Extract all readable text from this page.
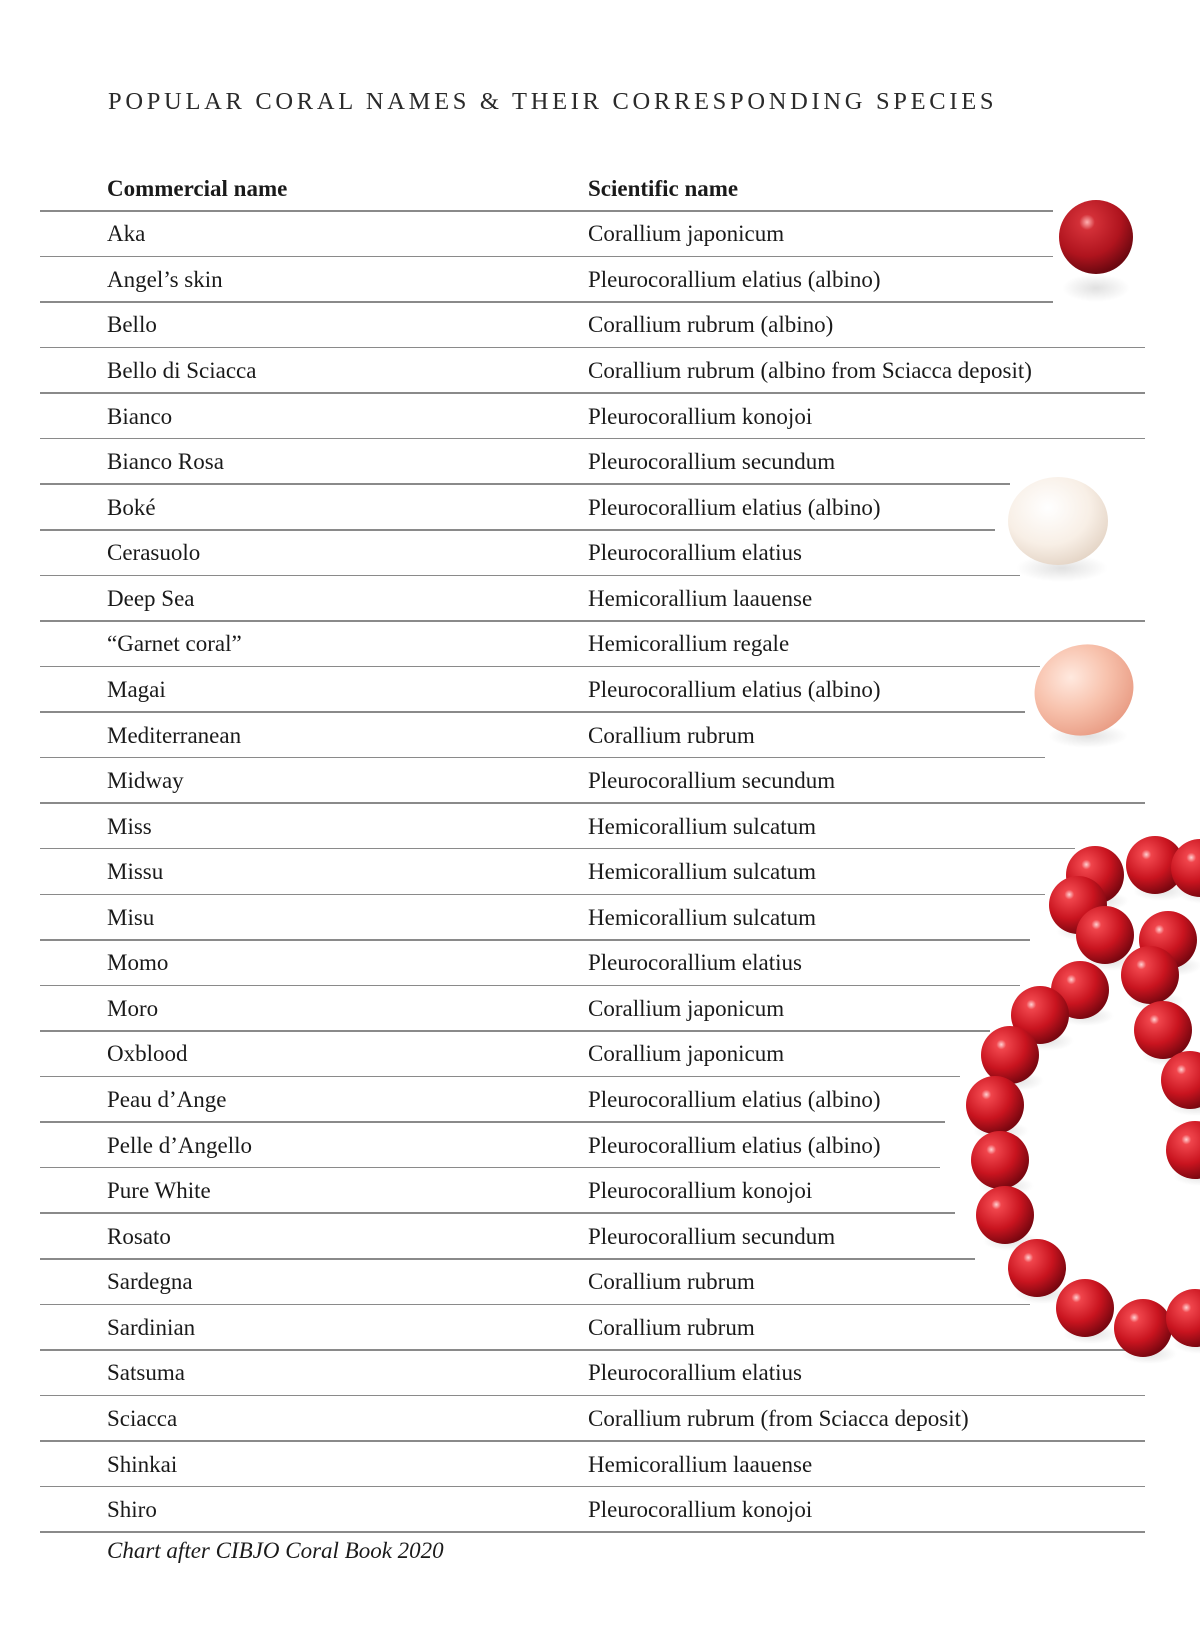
POPULAR CORAL NAMES & THEIR CORRESPONDING SPECIES
Commercial name	Scientific name
Aka	Corallium japonicum
Angel’s skin	Pleurocorallium elatius (albino)
Bello	Corallium rubrum (albino)
Bello di Sciacca	Corallium rubrum (albino from Sciacca deposit)
Bianco	Pleurocorallium konojoi
Bianco Rosa	Pleurocorallium secundum
Boké	Pleurocorallium elatius (albino)
Cerasuolo	Pleurocorallium elatius
Deep Sea	Hemicorallium laauense
“Garnet coral”	Hemicorallium regale
Magai	Pleurocorallium elatius (albino)
Mediterranean	Corallium rubrum
Midway	Pleurocorallium secundum
Miss	Hemicorallium sulcatum
Missu	Hemicorallium sulcatum
Misu	Hemicorallium sulcatum
Momo	Pleurocorallium elatius
Moro	Corallium japonicum
Oxblood	Corallium japonicum
Peau d’Ange	Pleurocorallium elatius (albino)
Pelle d’Angello	Pleurocorallium elatius (albino)
Pure White	Pleurocorallium konojoi
Rosato	Pleurocorallium secundum
Sardegna	Corallium rubrum
Sardinian	Corallium rubrum
Satsuma	Pleurocorallium elatius
Sciacca	Corallium rubrum (from Sciacca deposit)
Shinkai	Hemicorallium laauense
Shiro	Pleurocorallium konojoi
Chart after CIBJO Coral Book 2020
